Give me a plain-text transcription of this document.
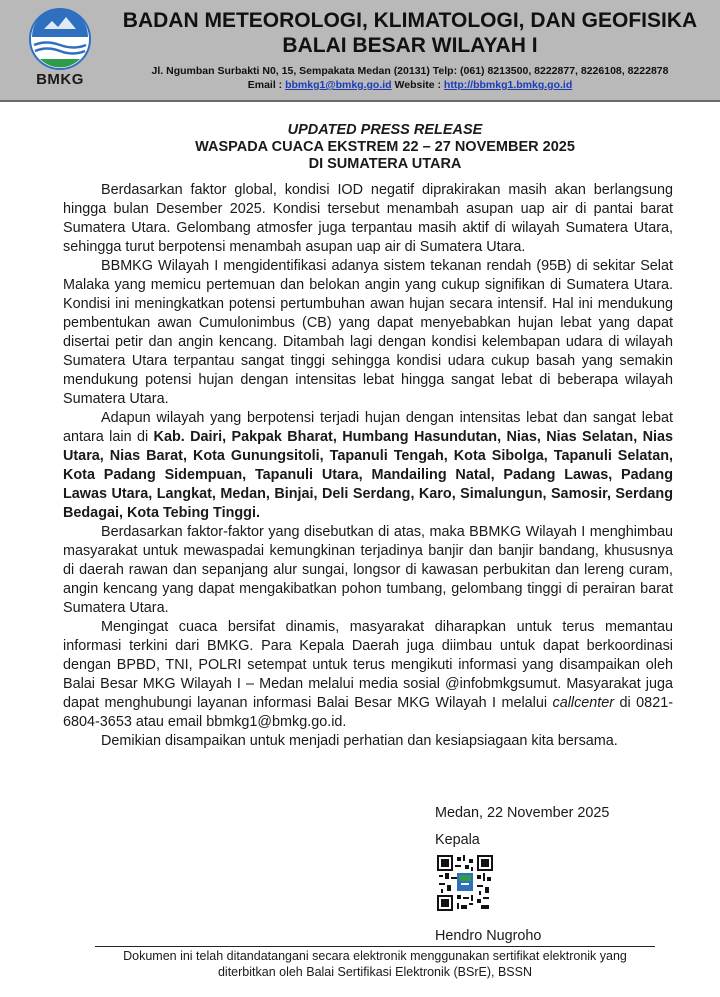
BMKG
BADAN METEOROLOGI, KLIMATOLOGI, DAN GEOFISIKA
BALAI BESAR WILAYAH I
Jl. Ngumban Surbakti N0, 15, Sempakata Medan (20131) Telp: (061) 8213500, 8222877, 8226108, 8222878
Email : bbmkg1@bmkg.go.id Website : http://bbmkg1.bmkg.go.id
UPDATED PRESS RELEASE
WASPADA CUACA EKSTREM 22 – 27 NOVEMBER 2025
DI SUMATERA UTARA

Berdasarkan faktor global, kondisi IOD negatif diprakirakan masih akan berlangsung hingga bulan Desember 2025. Kondisi tersebut menambah asupan uap air di pantai barat Sumatera Utara. Gelombang atmosfer juga terpantau masih aktif di wilayah Sumatera Utara, sehingga turut berpotensi menambah asupan uap air di Sumatera Utara.

BBMKG Wilayah I mengidentifikasi adanya sistem tekanan rendah (95B) di sekitar Selat Malaka yang memicu pertemuan dan belokan angin yang cukup signifikan di Sumatera Utara. Kondisi ini meningkatkan potensi pertumbuhan awan hujan secara intensif. Hal ini mendukung pembentukan awan Cumulonimbus (CB) yang dapat menyebabkan hujan lebat yang dapat disertai petir dan angin kencang. Ditambah lagi dengan kondisi kelembapan udara di wilayah Sumatera Utara terpantau sangat tinggi sehingga kondisi udara cukup basah yang semakin mendukung potensi hujan dengan intensitas lebat hingga sangat lebat di beberapa wilayah Sumatera Utara.

Adapun wilayah yang berpotensi terjadi hujan dengan intensitas lebat dan sangat lebat antara lain di Kab. Dairi, Pakpak Bharat, Humbang Hasundutan, Nias, Nias Selatan, Nias Utara, Nias Barat, Kota Gunungsitoli, Tapanuli Tengah, Kota Sibolga, Tapanuli Selatan, Kota Padang Sidempuan, Tapanuli Utara, Mandailing Natal, Padang Lawas, Padang Lawas Utara, Langkat, Medan, Binjai, Deli Serdang, Karo, Simalungun, Samosir, Serdang Bedagai, Kota Tebing Tinggi.

Berdasarkan faktor-faktor yang disebutkan di atas, maka BBMKG Wilayah I menghimbau masyarakat untuk mewaspadai kemungkinan terjadinya banjir dan banjir bandang, khususnya di daerah rawan dan sepanjang alur sungai, longsor di kawasan perbukitan dan lereng curam, angin kencang yang dapat mengakibatkan pohon tumbang, gelombang tinggi di perairan barat Sumatera Utara.

Mengingat cuaca bersifat dinamis, masyarakat diharapkan untuk terus memantau informasi terkini dari BMKG. Para Kepala Daerah juga diimbau untuk dapat berkoordinasi dengan BPBD, TNI, POLRI setempat untuk terus mengikuti informasi yang disampaikan oleh Balai Besar MKG Wilayah I – Medan melalui media sosial @infobmkgsumut. Masyarakat juga dapat menghubungi layanan informasi Balai Besar MKG Wilayah I melalui callcenter di 0821-6804-3653 atau email bbmkg1@bmkg.go.id.

Demikian disampaikan untuk menjadi perhatian dan kesiapsiagaan kita bersama.

Medan, 22 November 2025
Kepala
Hendro Nugroho
Dokumen ini telah ditandatangani secara elektronik menggunakan sertifikat elektronik yang
diterbitkan oleh Balai Sertifikasi Elektronik (BSrE), BSSN
